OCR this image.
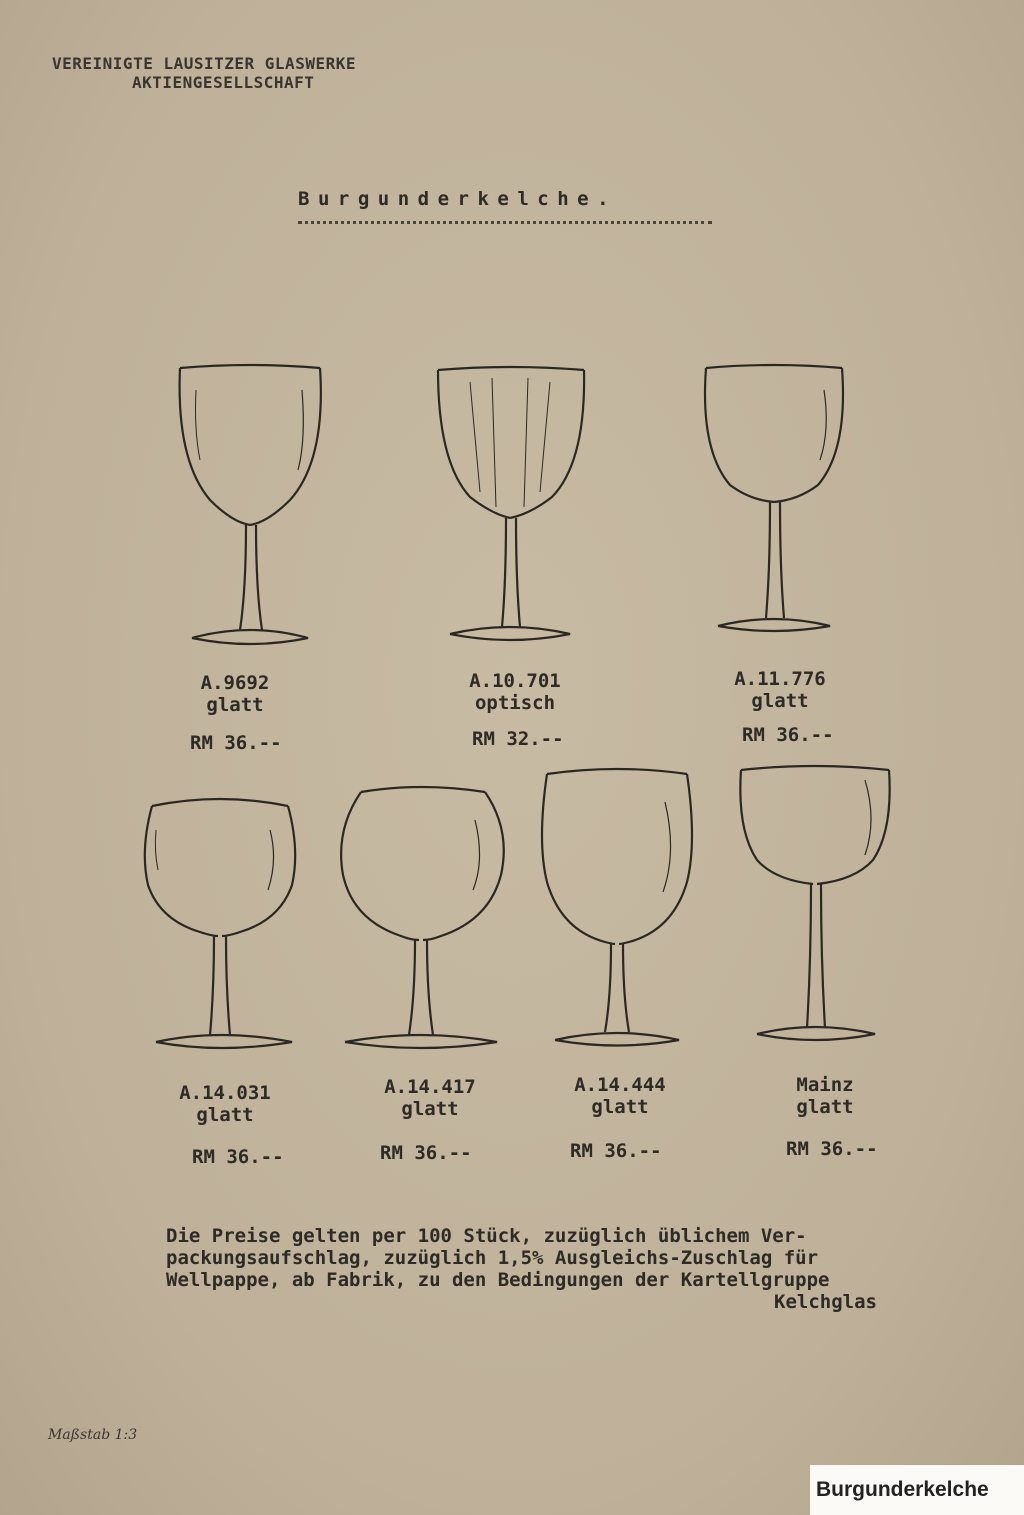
VEREINIGTE LAUSITZER GLASWERKE
AKTIENGESELLSCHAFT
Burgunderkelche.
A.9692
glatt
RM 36.--
A.10.701
optisch
RM 32.--
A.11.776
glatt
RM 36.--
A.14.031
glatt
RM 36.--
A.14.417
glatt
RM 36.--
A.14.444
glatt
RM 36.--
Mainz
glatt
RM 36.--
Die Preise gelten per 100 Stück, zuzüglich üblichem Ver-
packungsaufschlag, zuzüglich 1,5% Ausgleichs-Zuschlag für
Wellpappe, ab Fabrik, zu den Bedingungen der Kartellgruppe
Kelchglas
Maßstab 1:3
Burgunderkelche
